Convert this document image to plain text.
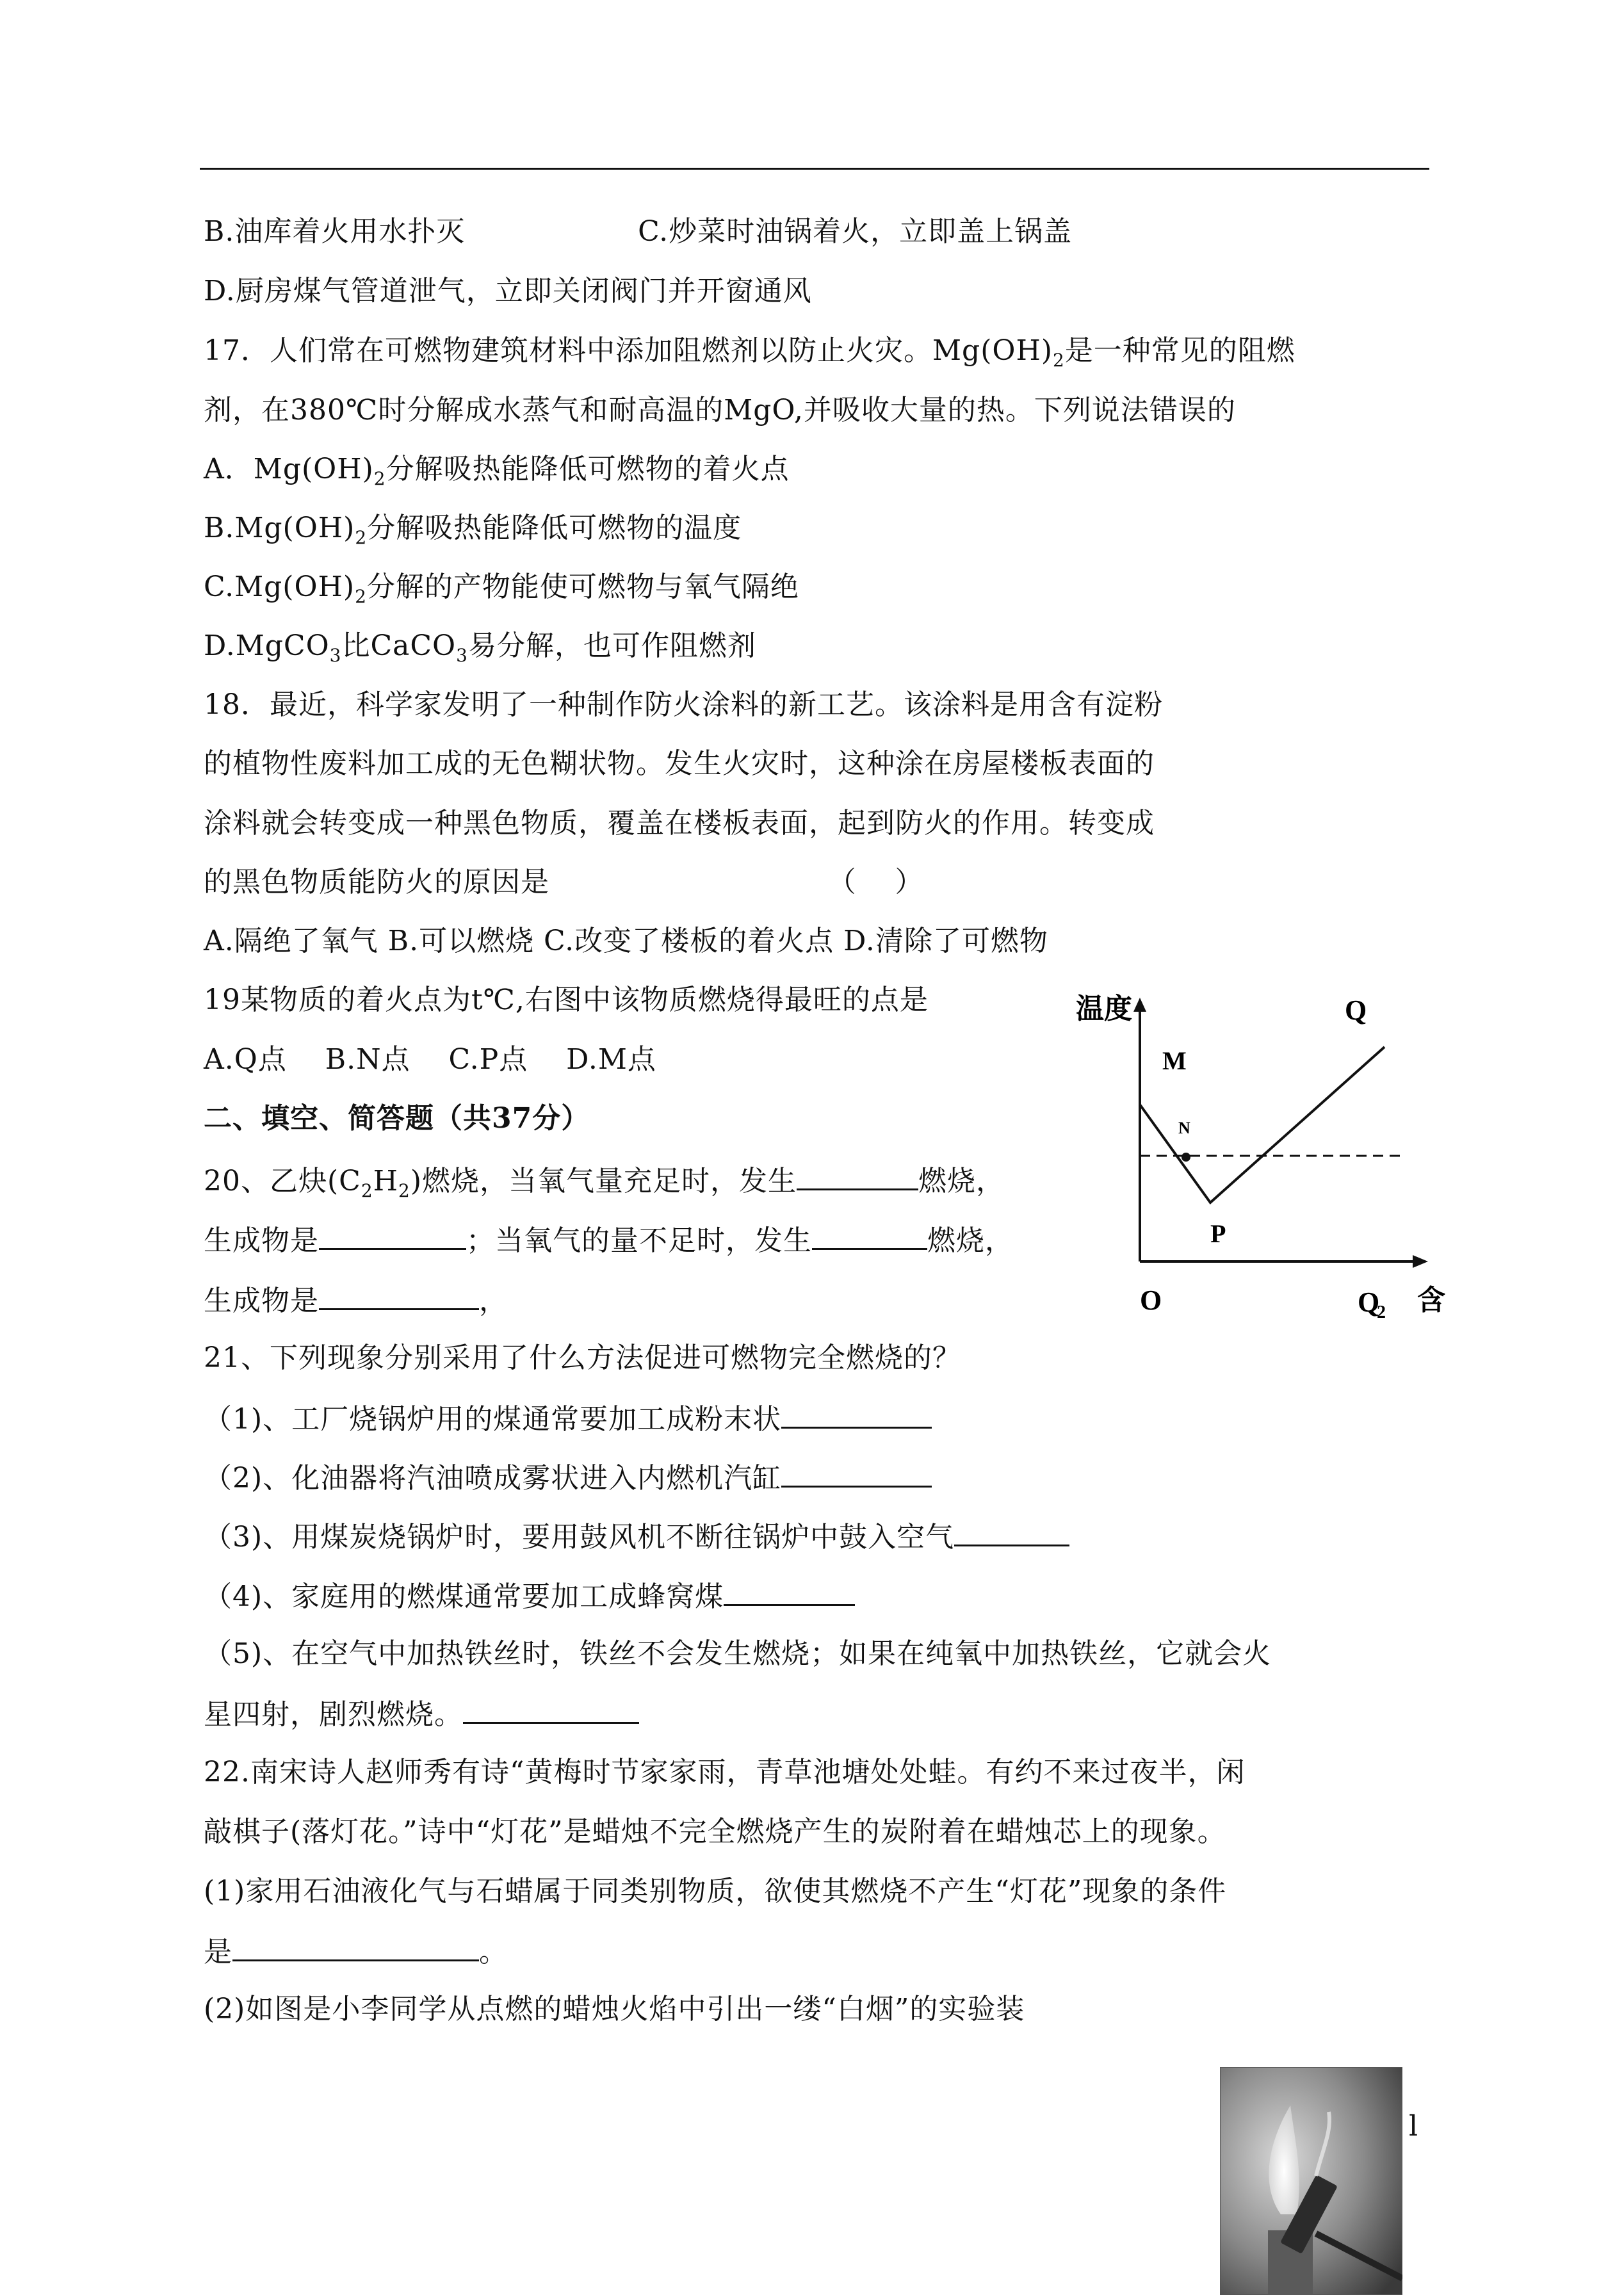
B.油库着火用水扑灭                  C.炒菜时油锅着火，立即盖上锅盖
D.厨房煤气管道泄气，立即关闭阀门并开窗通风
17．人们常在可燃物建筑材料中添加阻燃剂以防止火灾。$Mg(OH)_2$是一种常见的阻燃
剂，在380℃时分解成水蒸气和耐高温的MgO,并吸收大量的热。下列说法错误的
A．$Mg(OH)_2$分解吸热能降低可燃物的着火点
$B.Mg(OH)_2$分解吸热能降低可燃物的温度
$C.Mg(OH)_2$分解的产物能使可燃物与氧气隔绝
D.MgCO$_3$比CaCO$_3$易分解，也可作阻燃剂
18．最近，科学家发明了一种制作防火涂料的新工艺。该涂料是用含有淀粉
的植物性废料加工成的无色糊状物。发生火灾时，这种涂在房屋楼板表面的
涂料就会转变成一种黑色物质，覆盖在楼板表面，起到防火的作用。转变成
的黑色物质能防火的原因是                             （    ）
A.隔绝了氧气 B.可以燃烧 C.改变了楼板的着火点 D.清除了可燃物
19某物质的着火点为t℃,右图中该物质燃烧得最旺的点是
A.Q点    B.N点    C.P点    D.M点
二、填空、简答题（共37分）
20、乙炔$(C_2H_2)$燃烧，当氧气量充足时，发生	燃烧，
生成物是	；当氧气的量不足时，发生	燃烧，
生成物是	，
21、下列现象分别采用了什么方法促进可燃物完全燃烧的？
（1)、工厂烧锅炉用的煤通常要加工成粉末状
（2)、化油器将汽油喷成雾状进入内燃机汽缸
（3)、用煤炭烧锅炉时，要用鼓风机不断往锅炉中鼓入空气
（4)、家庭用的燃煤通常要加工成蜂窝煤
（5)、在空气中加热铁丝时，铁丝不会发生燃烧；如果在纯氧中加热铁丝，它就会火
星四射，剧烈燃烧。
22.南宋诗人赵师秀有诗“黄梅时节家家雨，青草池塘处处蛙。有约不来过夜半，闲
敲棋子(落灯花。”诗中“灯花”是蜡烛不完全燃烧产生的炭附着在蜡烛芯上的现象。
(1)家用石油液化气与石蜡属于同类别物质，欲使其燃烧不产生“灯花”现象的条件
是	。
(2)如图是小李同学从点燃的蜡烛火焰中引出一缕“白烟”的实验装
N
温度
M
P
Q
O	Q
2 含
l
